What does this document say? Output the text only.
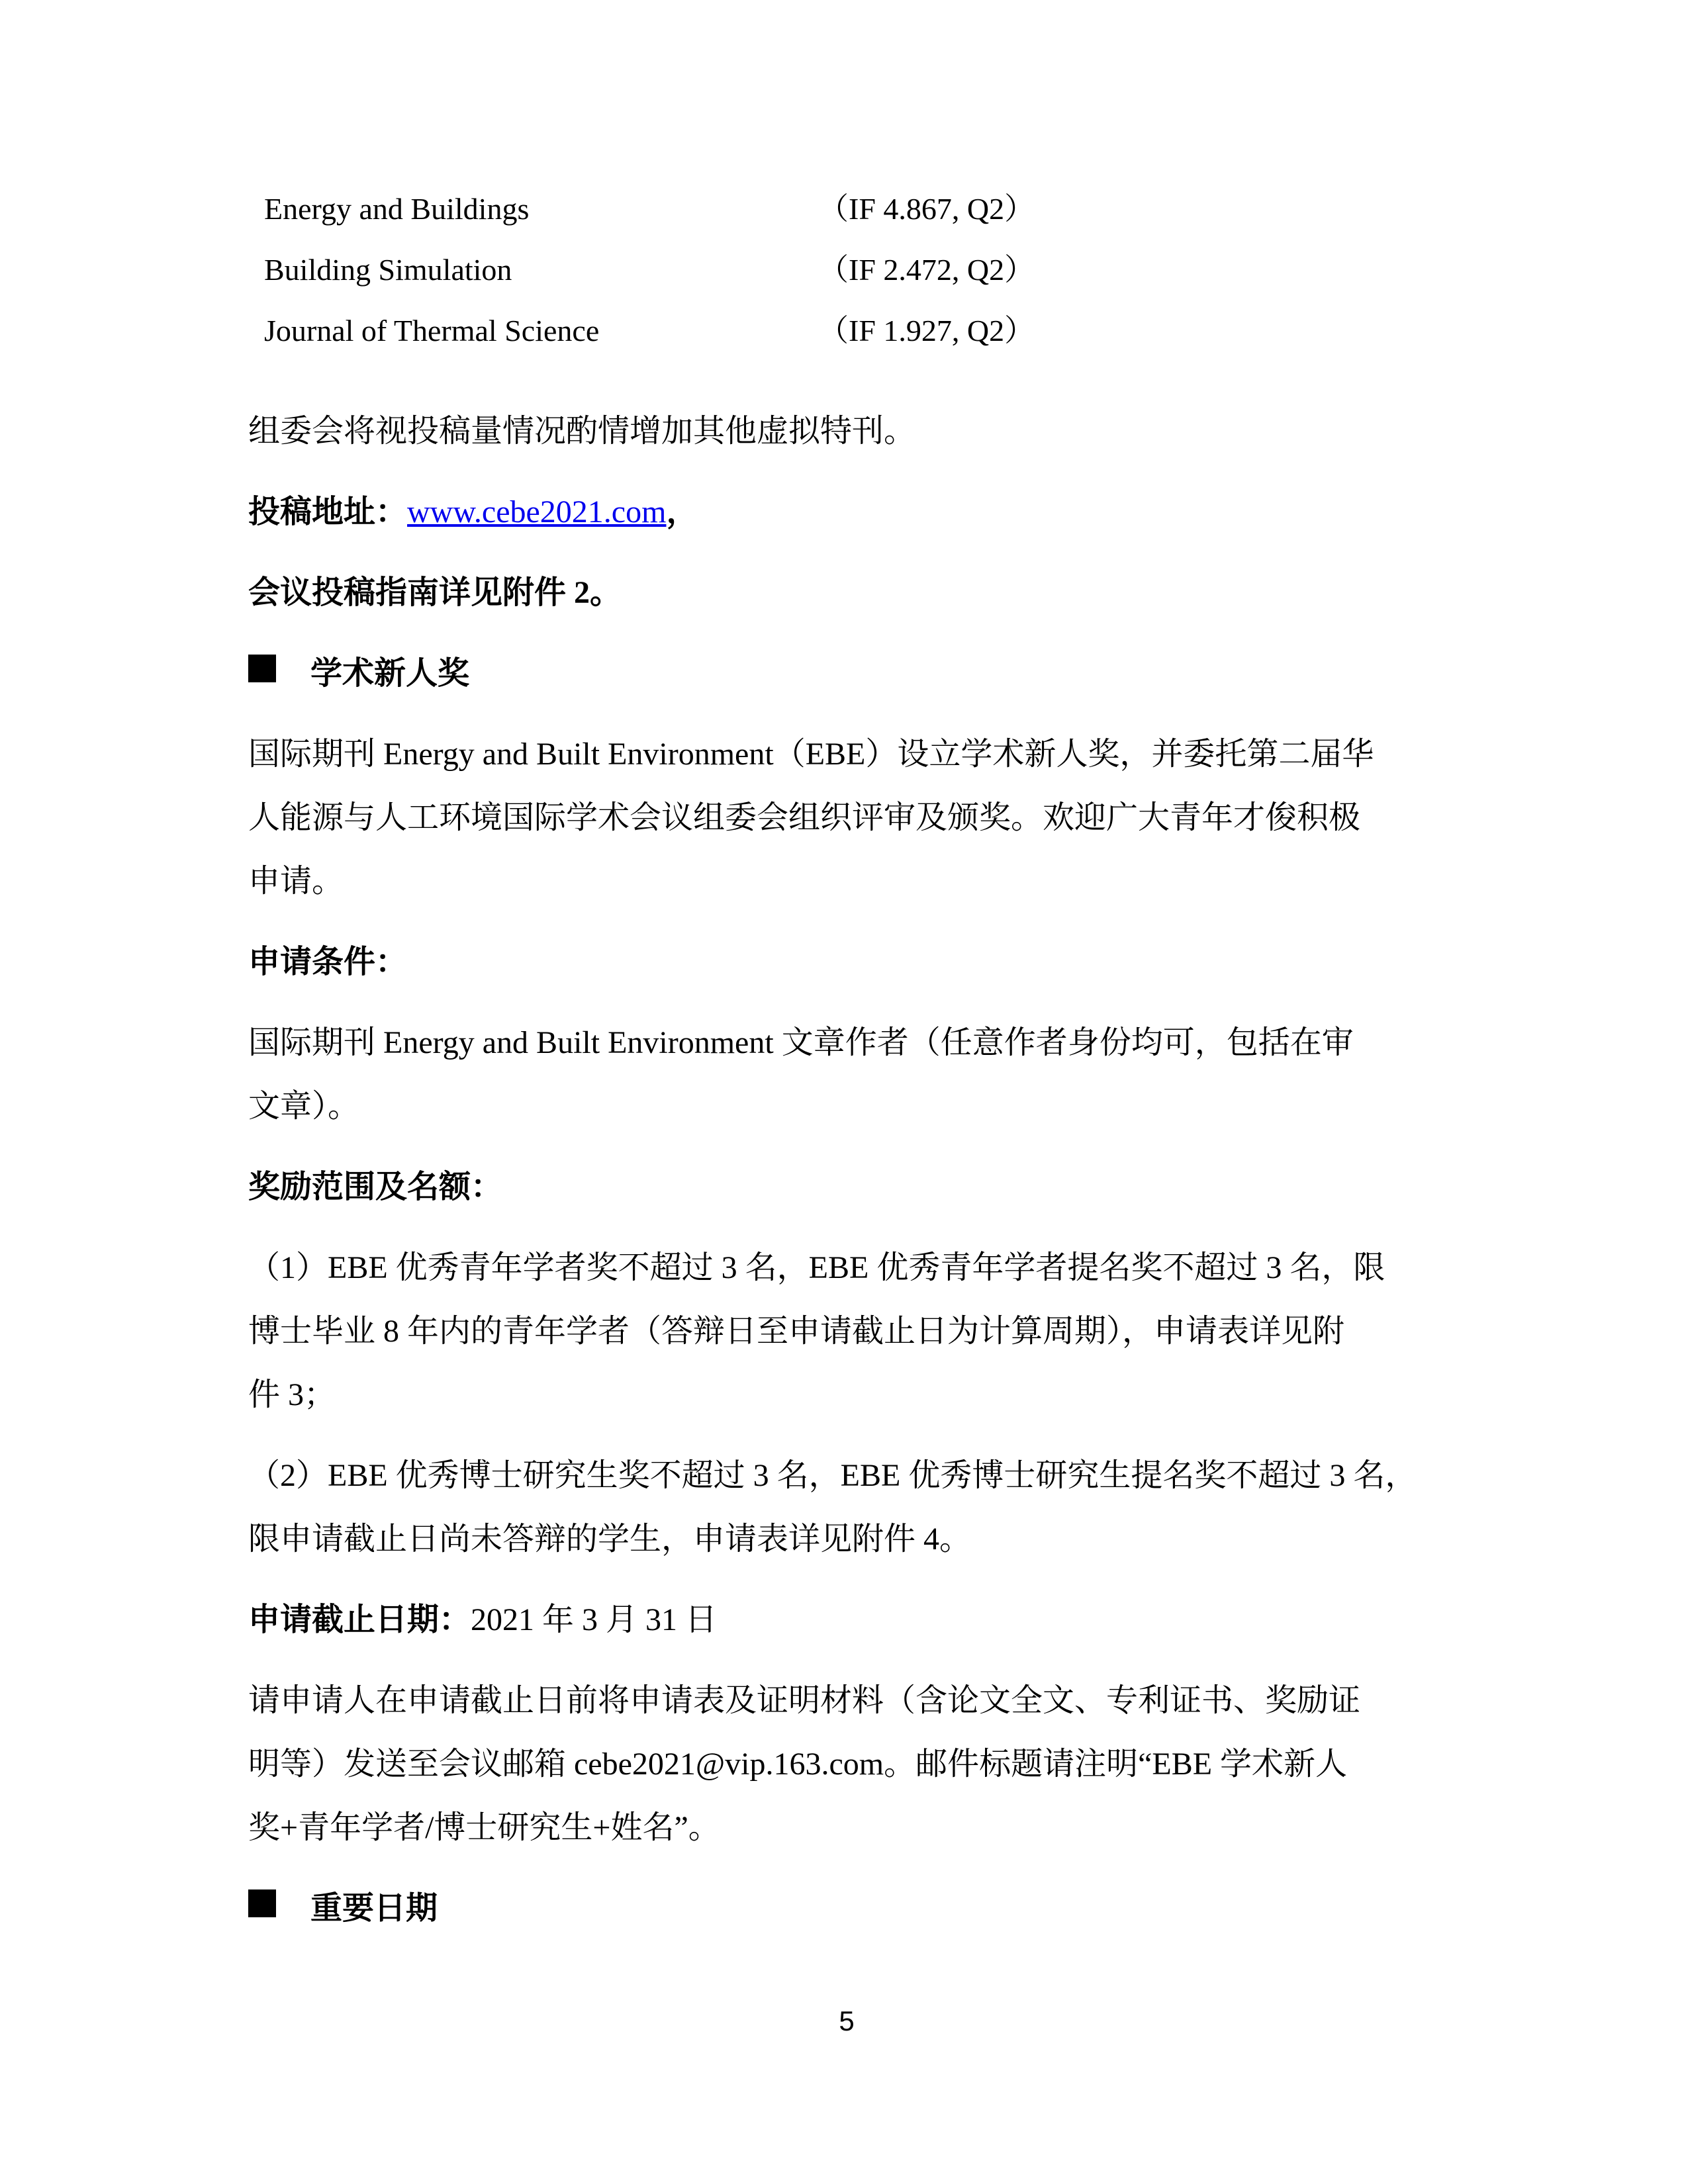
Energy and Buildings	（IF 4.867, Q2）
Building Simulation	（IF 2.472, Q2）
Journal of Thermal Science	（IF 1.927, Q2）
组委会将视投稿量情况酌情增加其他虚拟特刊。
投稿地址：www.cebe2021.com，
会议投稿指南详见附件 2。
学术新人奖
国际期刊 Energy and Built Environment（EBE）设立学术新人奖，并委托第二届华
人能源与人工环境国际学术会议组委会组织评审及颁奖。欢迎广大青年才俊积极
申请。
申请条件：
国际期刊 Energy and Built Environment 文章作者（任意作者身份均可，包括在审
文章）。
奖励范围及名额：
（1）EBE 优秀青年学者奖不超过 3 名，EBE 优秀青年学者提名奖不超过 3 名，限
博士毕业 8 年内的青年学者（答辩日至申请截止日为计算周期），申请表详见附
件 3；
（2）EBE 优秀博士研究生奖不超过 3 名，EBE 优秀博士研究生提名奖不超过 3 名，
限申请截止日尚未答辩的学生，申请表详见附件 4。
申请截止日期：2021 年 3 月 31 日
请申请人在申请截止日前将申请表及证明材料（含论文全文、专利证书、奖励证
明等）发送至会议邮箱 cebe2021@vip.163.com。邮件标题请注明“EBE 学术新人
奖+青年学者/博士研究生+姓名”。
重要日期
5
